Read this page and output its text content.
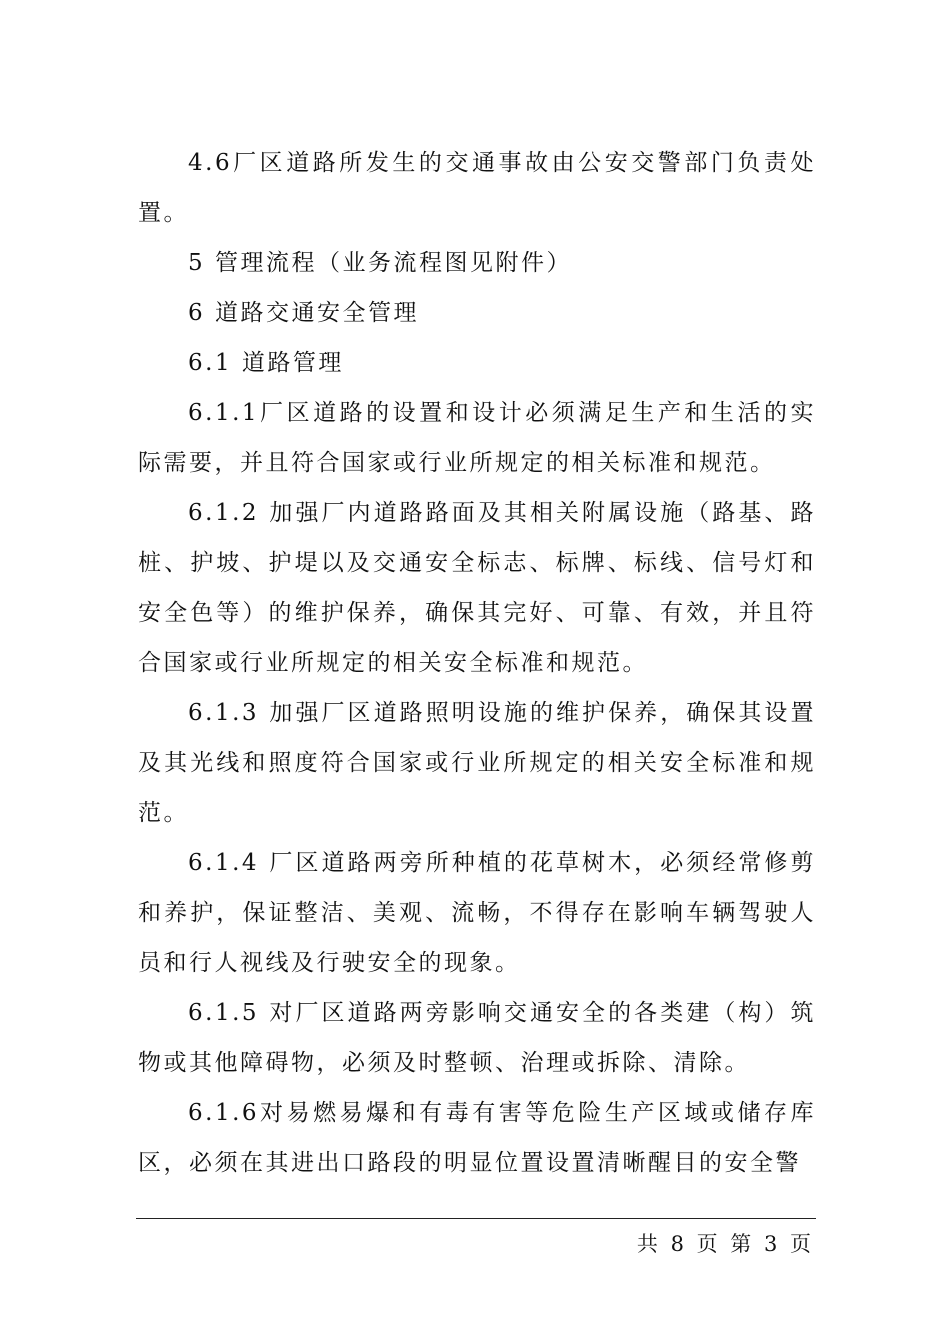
4.6厂区道路所发生的交通事故由公安交警部门负责处置。

5 管理流程（业务流程图见附件）

6 道路交通安全管理

6.1 道路管理

6.1.1厂区道路的设置和设计必须满足生产和生活的实际需要，并且符合国家或行业所规定的相关标准和规范。

6.1.2 加强厂内道路路面及其相关附属设施（路基、路桩、护坡、护堤以及交通安全标志、标牌、标线、信号灯和安全色等）的维护保养，确保其完好、可靠、有效，并且符合国家或行业所规定的相关安全标准和规范。

6.1.3 加强厂区道路照明设施的维护保养，确保其设置及其光线和照度符合国家或行业所规定的相关安全标准和规范。

6.1.4 厂区道路两旁所种植的花草树木，必须经常修剪和养护，保证整洁、美观、流畅，不得存在影响车辆驾驶人员和行人视线及行驶安全的现象。

6.1.5 对厂区道路两旁影响交通安全的各类建（构）筑物或其他障碍物，必须及时整顿、治理或拆除、清除。

6.1.6对易燃易爆和有毒有害等危险生产区域或储存库区，必须在其进出口路段的明显位置设置清晰醒目的安全警

共 8 页 第 3 页
